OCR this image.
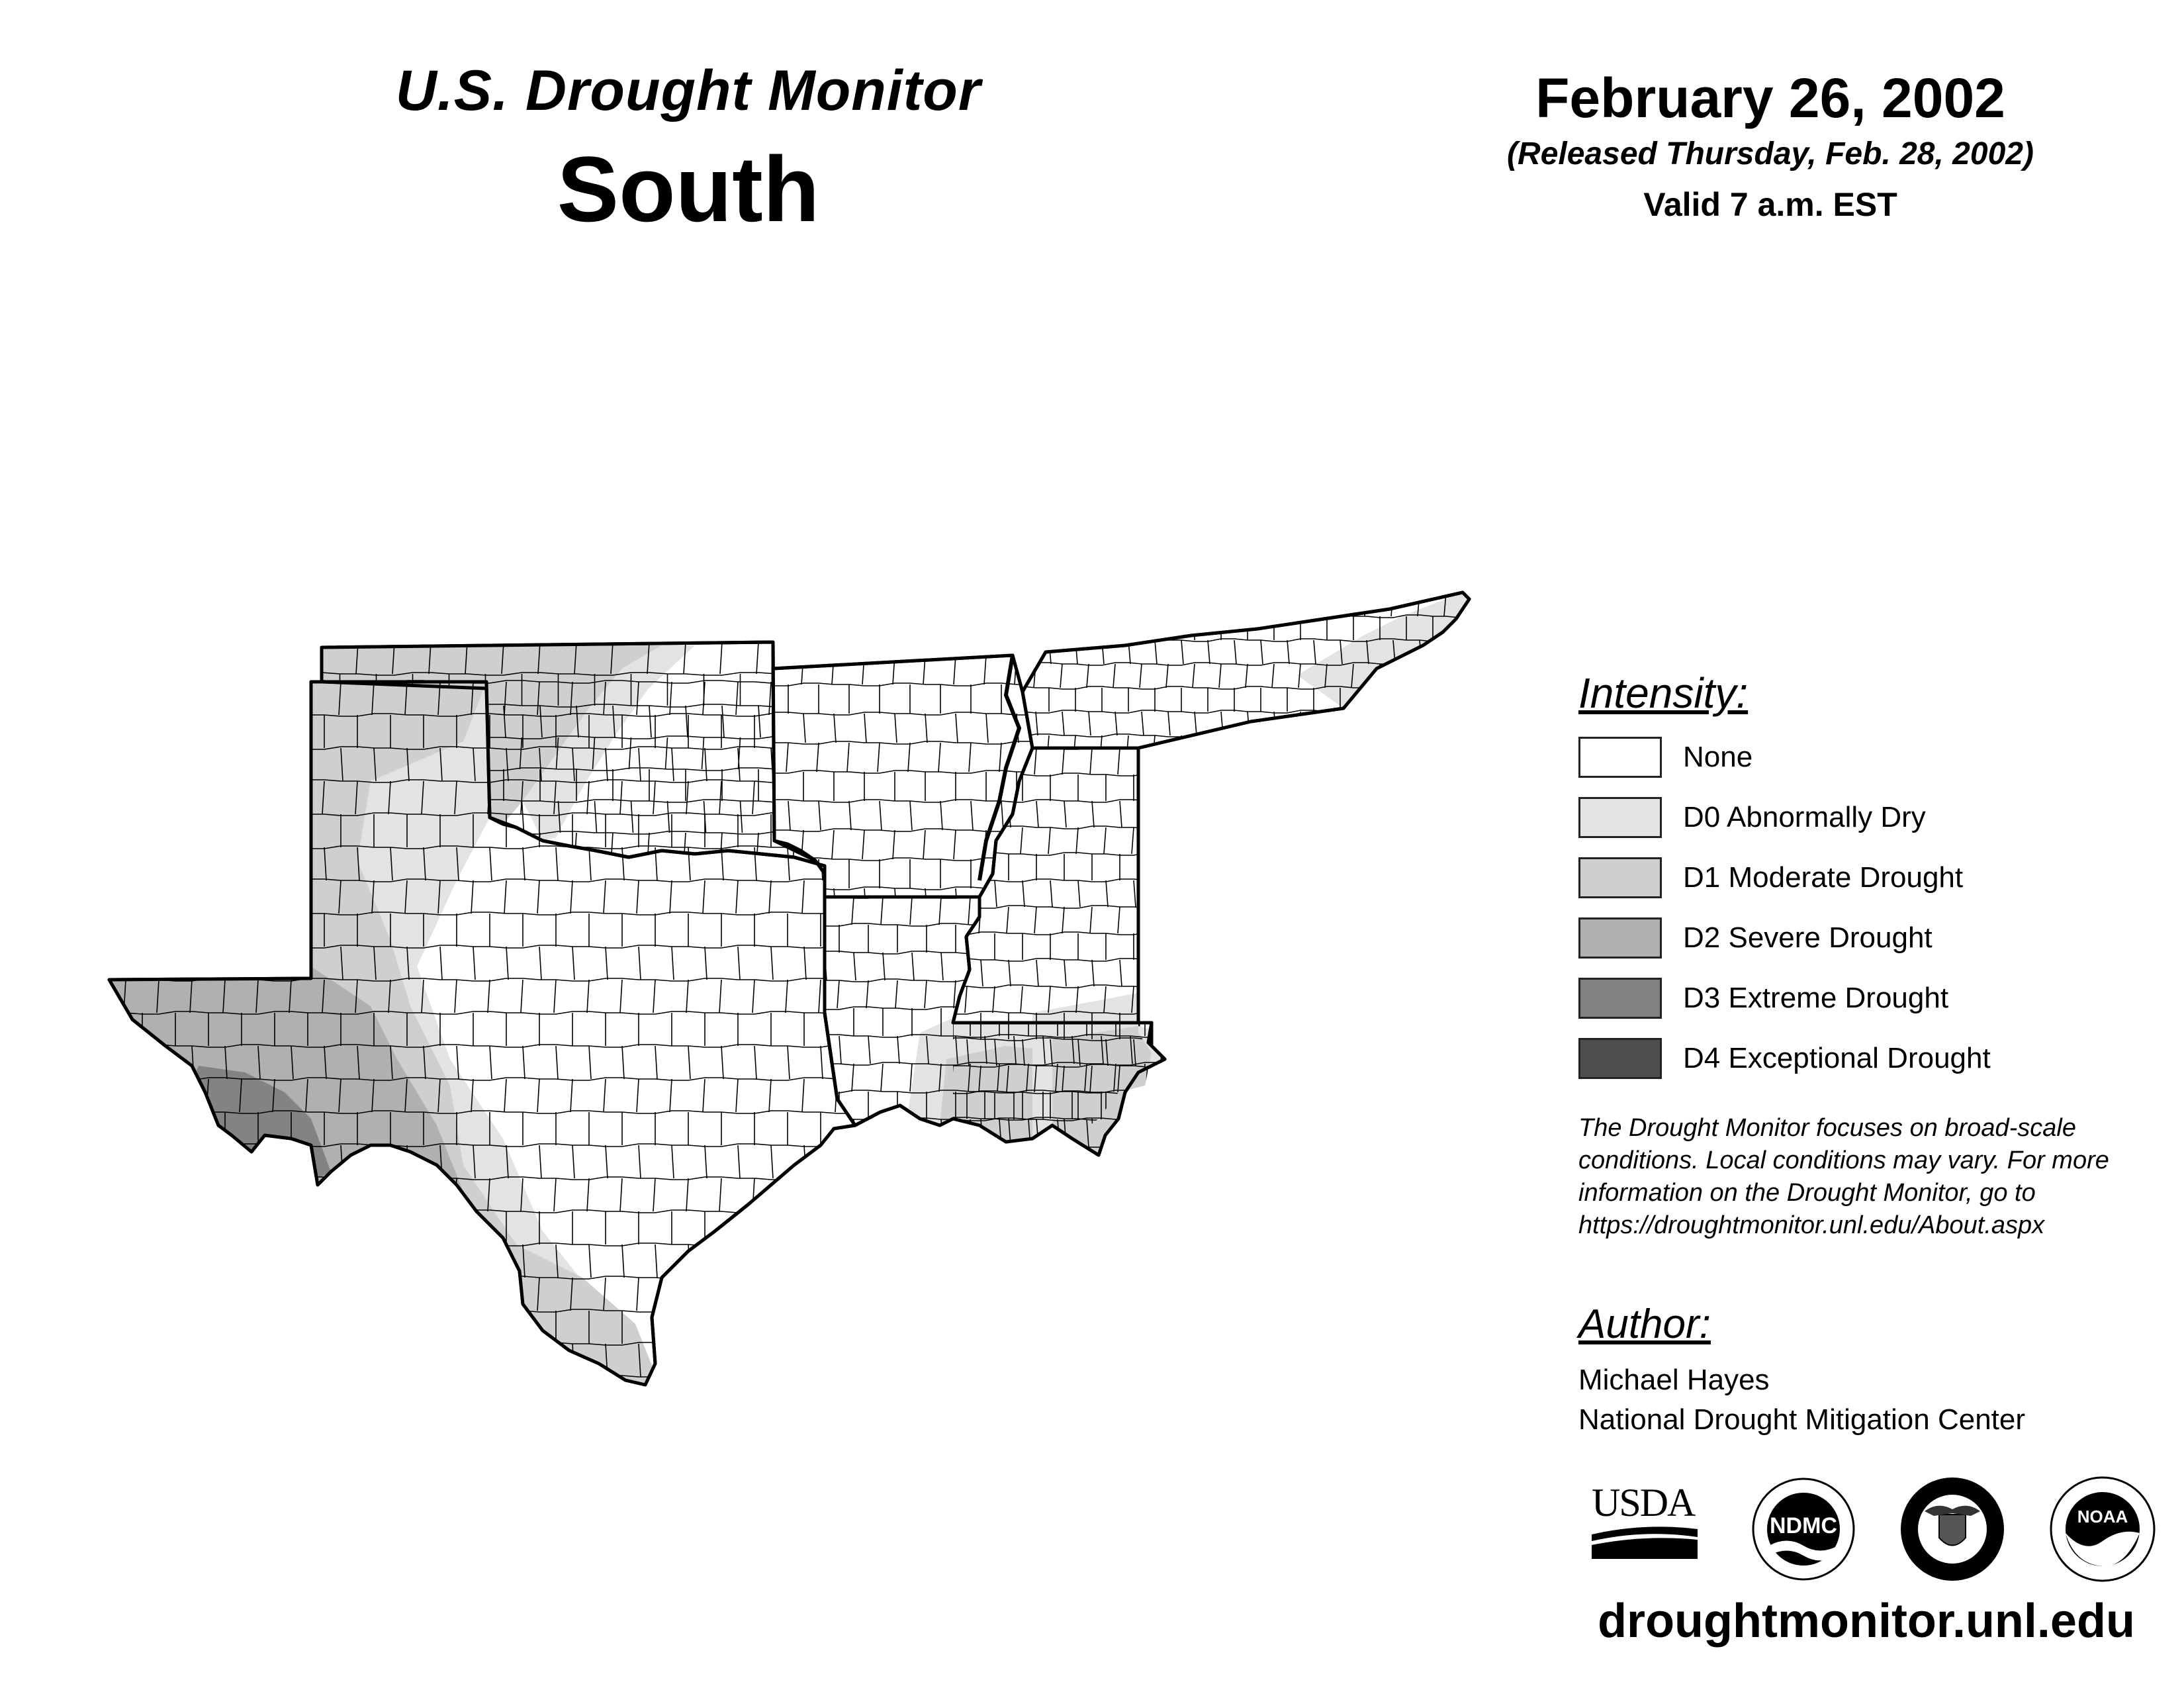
U.S. Drought Monitor
South
February 26, 2002
(Released Thursday, Feb. 28, 2002)
Valid 7 a.m. EST
Intensity:
None
D0 Abnormally Dry
D1 Moderate Drought
D2 Severe Drought
D3 Extreme Drought
D4 Exceptional Drought
The Drought Monitor focuses on broad-scale conditions. Local conditions may vary. For more information on the Drought Monitor, go to https://droughtmonitor.unl.edu/About.aspx
Author:
Michael Hayes
National Drought Mitigation Center
USDA
NDMC	NOAA
droughtmonitor.unl.edu
